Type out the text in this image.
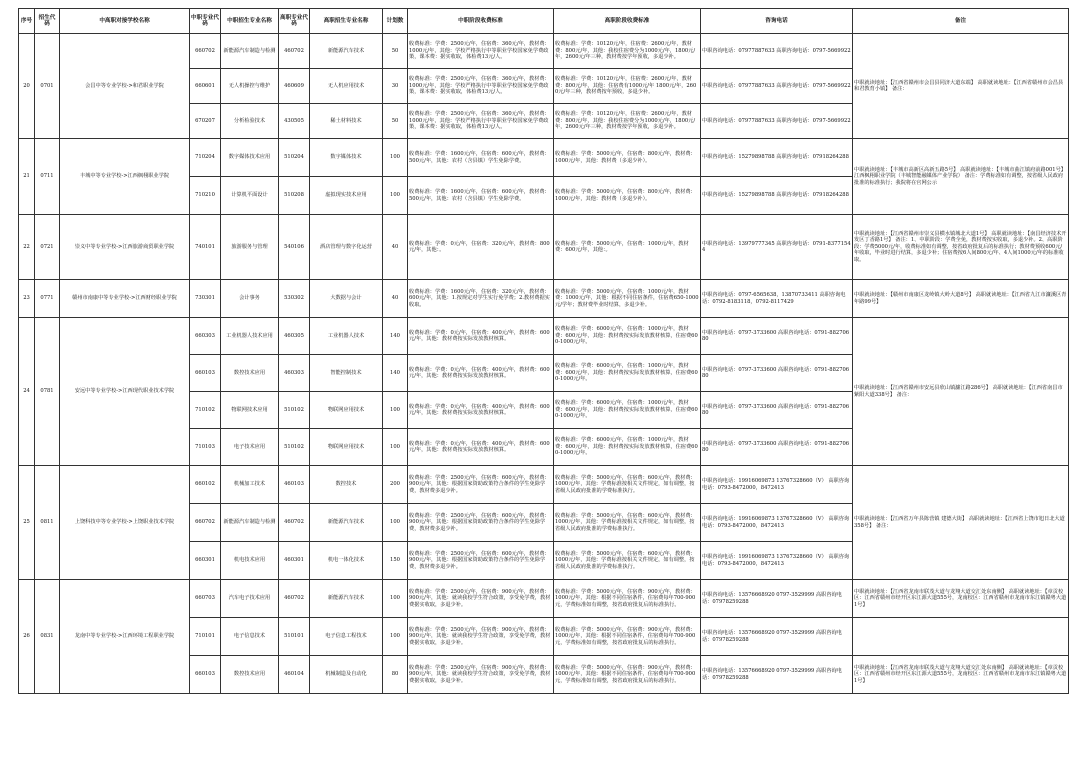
序号	招生代码	中高职对接学校名称	中职专业代码	中职招生专业名称	高职专业代码	高职招生专业名称	计划数	中职阶段收费标准	高职阶段收费标准	咨询电话	备注
20	0701	会昌中等专业学校->和君职业学院	660702	新能源汽车制造与检测	460702	新能源汽车技术	50	收费标准：学费：2500元/年，住宿费：360元/年，教材费：1000元/年，其他：学校严格执行中等职业学校国家免学费政策，课本费：据实收取，体检费13元/人。	收费标准：学费：10120元/年，住宿费：2600元/年，教材费：800元/年，其他：我校住宿费分为1000元/年，1800元/年，2600元/年三种，教材费按学年预收，多退少补。	中职咨询电话：07977887633 高职咨询电话：0797-5669922	中职就读地址：【江西省赣州市会昌县同济大道东端】 高职就读地址：【江西省赣州市会昌县和君教育小镇】 备注：
			660601	无人机操控与维护	460609	无人机应用技术	30	收费标准：学费：2500元/年，住宿费：360元/年，教材费：1000元/年，其他：学校严格执行中等职业学校国家免学费政策，课本费：据实收取，体检费13元/人。	收费标准：学费：10120元/年，住宿费：2600元/年，教材费：800元/年，其他：住宿费有1000元/年 1800元/年，2600元/年三种，教材费按年预收，多退少补。	中职咨询电话：07977887633 高职咨询电话：0797-5669922	
			670207	分析检验技术	430505	稀土材料技术	50	收费标准：学费：2500元/年，住宿费：360元/年，教材费：1000元/年，其他：学校严格执行中等职业学校国家免学费政策，课本费：据实收取，体检费13元/人。	收费标准：学费：10120元/年，住宿费：2600元/年，教材费：800元/年，其他：我校住宿费分为1000元/年，1800元/年，2600元/年三种，教材费按学年预收，多退少补。	中职咨询电话：07977887633 高职咨询电话：0797-5669922	
21	0711	丰城中等专业学校->江西枫栩职业学院	710204	数字媒体技术应用	510204	数字媒体技术	100	收费标准：学费：1600元/年，住宿费：600元/年，教材费：500元/年，其他：农村（含县镇）学生免除学费。	收费标准：学费：5000元/年，住宿费：800元/年，教材费：1000元/年，其他：教材费（多退少补）。	中职咨询电话：15279898788 高职咨询电话：07918264288	中职就读地址：【丰城市高新区高新五路5号】 高职就读地址：【丰城市曲江镇府前路001号】江西枫栩职业学院（丰城智能融媒体产业学院） 备注：学费标准如有调整，按省级人民政府批准的标准执行；我院将在官网公示
			710210	计算机平面设计	510208	虚拟现实技术应用	100	收费标准：学费：1600元/年，住宿费：600元/年，教材费：500元/年，其他：农村（含县镇）学生免除学费。	收费标准：学费：5000元/年，住宿费：800元/年，教材费：1000元/年，其他：教材费（多退少补）。	中职咨询电话：15279898788 高职咨询电话：07918264288	
22	0721	崇义中等专业学校->江西旅游商贸职业学院	740101	旅游服务与管理	540106	酒店管理与数字化运营	40	收费标准：学费：0元/年，住宿费：320元/年，教材费：800元/年，其他：。	收费标准：学费：5000元/年，住宿费：1000元/年，教材费：600元/年，其他：。	中职咨询电话：13979777345 高职咨询电话：0791-83771544	中职就读地址：【江西省赣州市崇义县横水镇城北大道1号】 高职就读地址：【南昌经济技术开发区丁香路1号】 备注：1、中职阶段：学费全免，教材费按实收取，多退少补。2、高职阶段：学费5000元/年，收费标准如有调整，按省政府批复后的标准执行；教材费预收600元/年收取，毕业时进行结算，多退少补；住宿费按6人间800元/年、4人间1000元/年的标准收取。
23	0771	赣州市南康中等专业学校->江西财经职业学院	730301	会计事务	530302	大数据与会计	40	收费标准：学费：1600元/年，住宿费：320元/年，教材费：600元/年，其他：1.按规定对学生实行免学费；2.教材费据实收取。	收费标准：学费：5000元/年，住宿费：1000元/年，教材费：1000元/年，其他：根据不同住宿条件，住宿费650-1000元/学年；教材费毕业时结算，多退少补。	中职咨询电话：0797-6565638，13870733411 高职咨询电话：0792-8183118，0792-8117429	中职就读地址：【赣州市南康区龙岭镇大岭大道8号】 高职就读地址：【江西省九江市濂溪区青年路99号】
24	0781	安远中等专业学校->江西现代职业技术学院	660303	工业机器人技术应用	460305	工业机器人技术	140	收费标准：学费：0元/年，住宿费：400元/年，教材费：600元/年，其他：教材费按实际发放教材核算。	收费标准：学费：6000元/年，住宿费：1000元/年，教材费：600元/年，其他：教材费按实际发放教材核算，住宿费600-1000元/年。	中职咨询电话：0797-3733600 高职咨询电话：0791-88270680	中职就读地址：【江西省赣州市安远县欣山镇濂江路286号】 高职就读地址：【江西省南昌市紫阳大道338号】 备注：
			660103	数控技术应用	460303	智能控制技术	140	收费标准：学费：0元/年，住宿费：400元/年，教材费：600元/年，其他：教材费按实际发放教材核算。	收费标准：学费：6000元/年，住宿费：1000元/年，教材费：600元/年，其他：教材费按实际发放教材核算，住宿费600-1000元/年。	中职咨询电话：0797-3733600 高职咨询电话：0791-88270680	
			710102	物联网技术应用	510102	物联网应用技术	100	收费标准：学费：0元/年，住宿费：400元/年，教材费：600元/年，其他：教材费按实际发放教材核算。	收费标准：学费：6000元/年，住宿费：1000元/年，教材费：600元/年，其他：教材费按实际发放教材核算，住宿费600-1000元/年。	中职咨询电话：0797-3733600 高职咨询电话：0791-88270680	
			710103	电子技术应用	510102	物联网应用技术	100	收费标准：学费：0元/年，住宿费：400元/年，教材费：600元/年，其他：教材费按实际发放教材核算。	收费标准：学费：6000元/年，住宿费：1000元/年，教材费：600元/年，其他：教材费按实际发放教材核算，住宿费600-1000元/年。	中职咨询电话：0797-3733600 高职咨询电话：0791-88270680	
25	0811	上饶科技中等专业学校->上饶职业技术学院	660102	机械加工技术	460103	数控技术	200	收费标准：学费：2500元/年，住宿费：600元/年，教材费：900元/年，其他：根据国家资助政策符合条件的学生免除学费，教材费多退少补。	收费标准：学费：5000元/年，住宿费：600元/年，教材费：1000元/年，其他：学费标准按相关文件规定，如有调整，按省级人民政府批准的学费标准执行。	中职咨询电话：19916069873 13767328660（V） 高职咨询电话：0793-8472000，8472413	中职就读地址：【江西省万年县陈营镇 建德大街】 高职就读地址：【江西省上饶市旭日北大道358号】 备注：
			660702	新能源汽车制造与检测	460702	新能源汽车技术	100	收费标准：学费：2500元/年，住宿费：600元/年，教材费：900元/年，其他：根据国家资助政策符合条件的学生免除学费，教材费多退少补。	收费标准：学费：5000元/年，住宿费：600元/年，教材费：1000元/年，其他：学费标准按相关文件规定，如有调整，按省级人民政府批准的学费标准执行。	中职咨询电话：19916069873 13767328660（V） 高职咨询电话：0793-8472000，8472413	
			660301	机电技术应用	460301	机电一体化技术	150	收费标准：学费：2500元/年，住宿费：600元/年，教材费：900元/年，其他：根据国家资助政策符合条件的学生免除学费，教材费多退少补。	收费标准：学费：5000元/年，住宿费：600元/年，教材费：1000元/年，其他：学费标准按相关文件规定，如有调整，按省级人民政府批准的学费标准执行。	中职咨询电话：19916069873 13767328660（V） 高职咨询电话：0793-8472000，8472413	
26	0831	龙南中等专业学校->江西环境工程职业学院	660703	汽车电子技术应用	460702	新能源汽车技术	100	收费标准：学费：2500元/年，住宿费：900元/年，教材费：900元/年，其他：就读我校学生符合政策，享受免学费，教材费据实收取，多退少补。	收费标准：学费：5000元/年，住宿费：900元/年，教材费：1000元/年，其他：根据不同住宿条件，住宿费每年700-900元，学费标准如有调整，按省政府批复后的标准执行。	中职咨询电话：13576668920 0797-3529999 高职咨询电话：07978259288	中职就读地址：【江西省龙南市联茂大道与龙翔大道交汇处东南侧】 高职就读地址：【章贡校区：江西省赣州市经开区东江源大道555号，龙南校区：江西省赣州市龙南市东江镇赣粤大道1号】
			710101	电子信息技术	510101	电子信息工程技术	100	收费标准：学费：2500元/年，住宿费：900元/年，教材费：900元/年，其他：就读我校学生符合政策，享受免学费，教材费据实收取，多退少补。	收费标准：学费：5000元/年，住宿费：900元/年，教材费：1000元/年，其他：根据不同住宿条件，住宿费每年700-900元，学费标准如有调整，按省政府批复后的标准执行。	中职咨询电话：13576668920 0797-3529999 高职咨询电话：07978259288	
			660103	数控技术应用	460104	机械制造及自动化	80	收费标准：学费：2500元/年，住宿费：900元/年，教材费：900元/年，其他：就读我校学生符合政策，享受免学费，教材费据实收取，多退少补。	收费标准：学费：5000元/年，住宿费：900元/年，教材费：1000元/年，其他：根据不同住宿条件，住宿费每年700-900元，学费标准如有调整，按省政府批复后的标准执行。	中职咨询电话：13576668920 0797-3529999 高职咨询电话：07978259288	中职就读地址：【江西省龙南市联茂大道与龙翔大道交汇处东南侧】 高职就读地址：【章贡校区：江西省赣州市经开区东江源大道555号，龙南校区：江西省赣州市龙南市东江镇赣粤大道1号】
